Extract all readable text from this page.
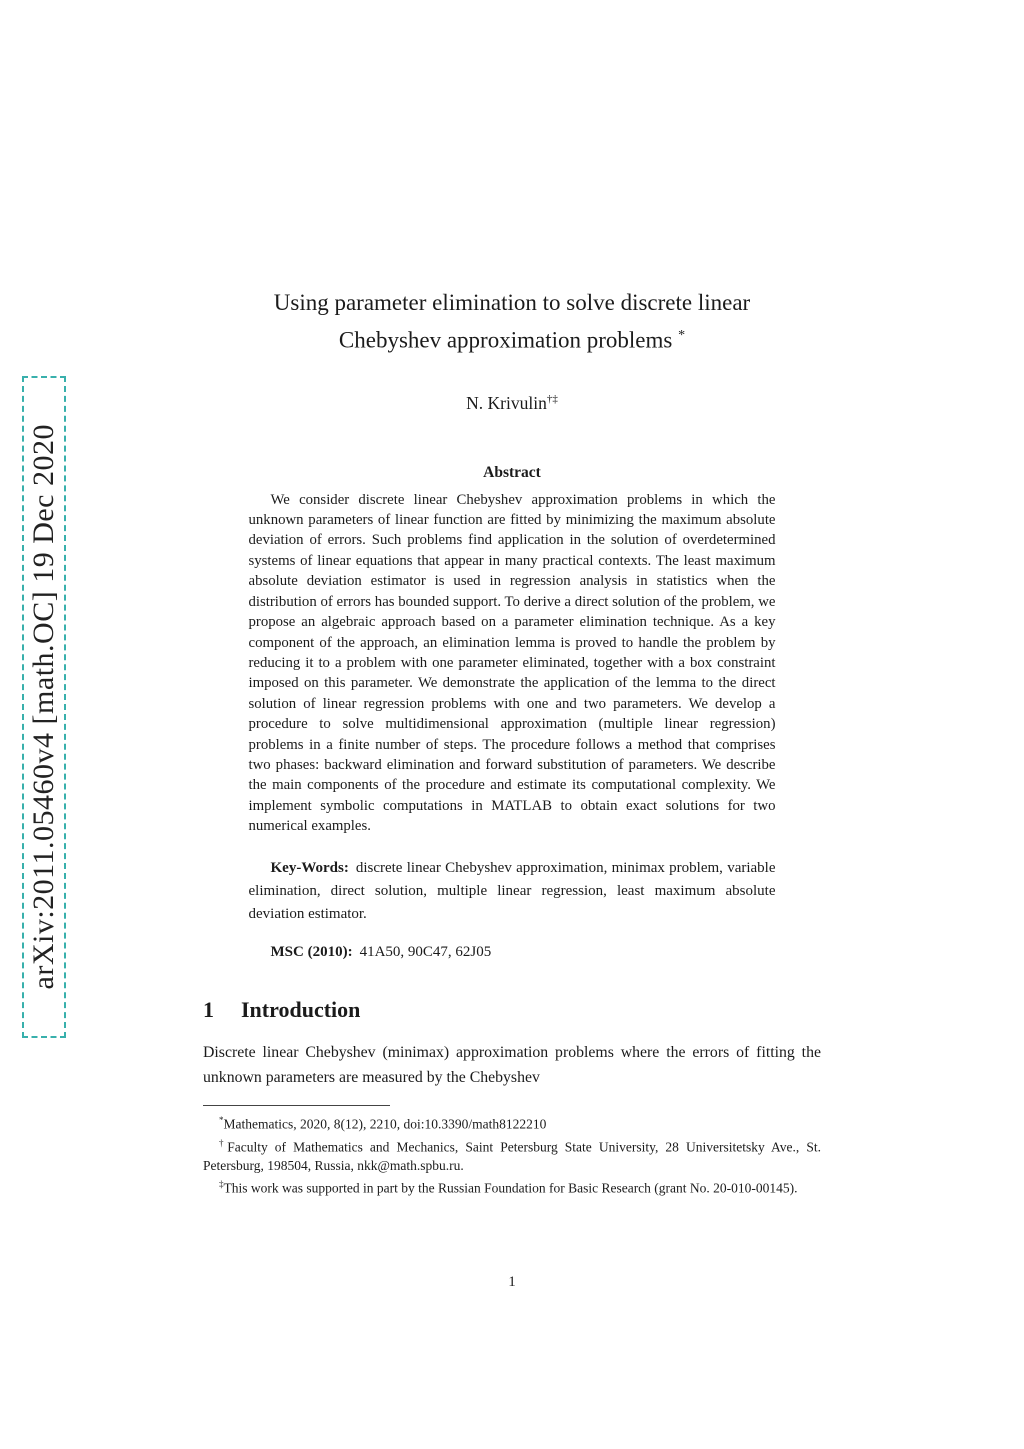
arXiv:2011.05460v4 [math.OC] 19 Dec 2020
Using parameter elimination to solve discrete linear
Chebyshev approximation problems *
N. Krivulin†‡
Abstract

We consider discrete linear Chebyshev approximation problems in which the unknown parameters of linear function are fitted by minimizing the maximum absolute deviation of errors. Such problems find application in the solution of overdetermined systems of linear equations that appear in many practical contexts. The least maximum absolute deviation estimator is used in regression analysis in statistics when the distribution of errors has bounded support. To derive a direct solution of the problem, we propose an algebraic approach based on a parameter elimination technique. As a key component of the approach, an elimination lemma is proved to handle the problem by reducing it to a problem with one parameter eliminated, together with a box constraint imposed on this parameter. We demonstrate the application of the lemma to the direct solution of linear regression problems with one and two parameters. We develop a procedure to solve multidimensional approximation (multiple linear regression) problems in a finite number of steps. The procedure follows a method that comprises two phases: backward elimination and forward substitution of parameters. We describe the main components of the procedure and estimate its computational complexity. We implement symbolic computations in MATLAB to obtain exact solutions for two numerical examples.

Key-Words: discrete linear Chebyshev approximation, minimax problem, variable elimination, direct solution, multiple linear regression, least maximum absolute deviation estimator.

MSC (2010): 41A50, 90C47, 62J05

1 Introduction

Discrete linear Chebyshev (minimax) approximation problems where the errors of fitting the unknown parameters are measured by the Chebyshev

*Mathematics, 2020, 8(12), 2210, doi:10.3390/math8122210

†Faculty of Mathematics and Mechanics, Saint Petersburg State University, 28 Universitetsky Ave., St. Petersburg, 198504, Russia, nkk@math.spbu.ru.

‡This work was supported in part by the Russian Foundation for Basic Research (grant No. 20-010-00145).

1
